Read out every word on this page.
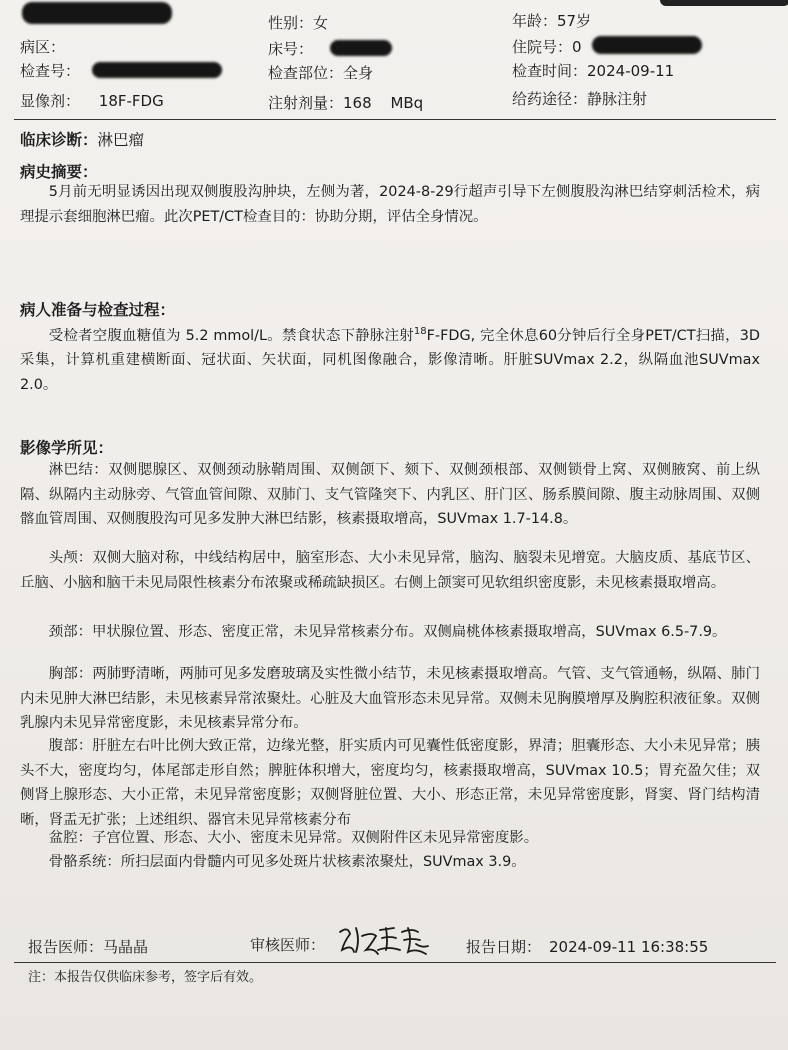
性别：女	年龄：57岁
病区：	床号：	住院号：0
检查号：	检查部位：全身	检查时间：2024-09-11
显像剂： 18F-FDG	注射剂量：168 MBq	给药途径：静脉注射
临床诊断：淋巴瘤
病史摘要：
5月前无明显诱因出现双侧腹股沟肿块，左侧为著，2024-8-29行超声引导下左侧腹股沟淋巴结穿刺活检术，病理提示套细胞淋巴瘤。此次PET/CT检查目的：协助分期，评估全身情况。
病人准备与检查过程：
受检者空腹血糖值为 5.2 mmol/L。禁食状态下静脉注射$^{18}$F-FDG, 完全休息60分钟后行全身PET/CT扫描，3D采集，计算机重建横断面、冠状面、矢状面，同机图像融合，影像清晰。肝脏SUVmax 2.2，纵隔血池SUVmax 2.0。
影像学所见：
淋巴结：双侧腮腺区、双侧颈动脉鞘周围、双侧颌下、颏下、双侧颈根部、双侧锁骨上窝、双侧腋窝、前上纵隔、纵隔内主动脉旁、气管血管间隙、双肺门、支气管隆突下、内乳区、肝门区、肠系膜间隙、腹主动脉周围、双侧髂血管周围、双侧腹股沟可见多发肿大淋巴结影，核素摄取增高，SUVmax 1.7-14.8。
头颅：双侧大脑对称，中线结构居中，脑室形态、大小未见异常，脑沟、脑裂未见增宽。大脑皮质、基底节区、丘脑、小脑和脑干未见局限性核素分布浓聚或稀疏缺损区。右侧上颌窦可见软组织密度影，未见核素摄取增高。
颈部：甲状腺位置、形态、密度正常，未见异常核素分布。双侧扁桃体核素摄取增高，SUVmax 6.5-7.9。
胸部：两肺野清晰，两肺可见多发磨玻璃及实性微小结节，未见核素摄取增高。气管、支气管通畅，纵隔、肺门内未见肿大淋巴结影，未见核素异常浓聚灶。心脏及大血管形态未见异常。双侧未见胸膜增厚及胸腔积液征象。双侧乳腺内未见异常密度影，未见核素异常分布。
腹部：肝脏左右叶比例大致正常，边缘光整，肝实质内可见囊性低密度影，界清；胆囊形态、大小未见异常；胰头不大，密度均匀，体尾部走形自然；脾脏体积增大，密度均匀，核素摄取增高，SUVmax 10.5；胃充盈欠佳；双侧肾上腺形态、大小正常，未见异常密度影；双侧肾脏位置、大小、形态正常，未见异常密度影，肾窦、肾门结构清晰，肾盂无扩张；上述组织、器官未见异常核素分布
盆腔：子宫位置、形态、大小、密度未见异常。双侧附件区未见异常密度影。
骨骼系统：所扫层面内骨髓内可见多处斑片状核素浓聚灶，SUVmax 3.9。
报告医师：马晶晶	审核医师：	报告日期： 2024-09-11 16:38:55
注：本报告仅供临床参考，签字后有效。
